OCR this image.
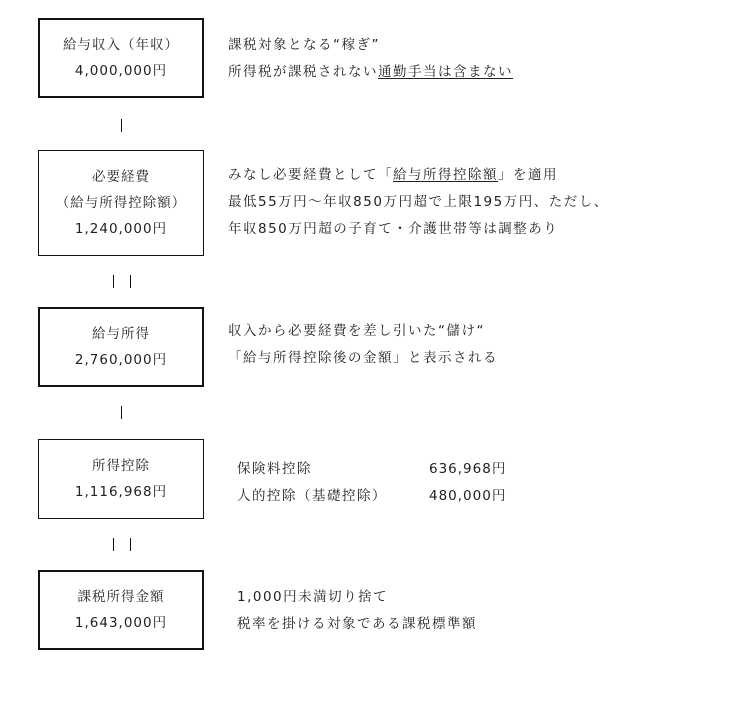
給与収入（年収）
4,000,000円
課税対象となる“稼ぎ”
所得税が課税されない通勤手当は含まない
必要経費
（給与所得控除額）
1,240,000円
みなし必要経費として「給与所得控除額」を適用
最低55万円～年収850万円超で上限195万円、ただし、
年収850万円超の子育て・介護世帯等は調整あり
給与所得
2,760,000円
収入から必要経費を差し引いた“儲け“
「給与所得控除後の金額」と表示される
所得控除
1,116,968円
保険料控除	636,968円
人的控除（基礎控除）	480,000円
課税所得金額
1,643,000円
1,000円未満切り捨て
税率を掛ける対象である課税標準額
